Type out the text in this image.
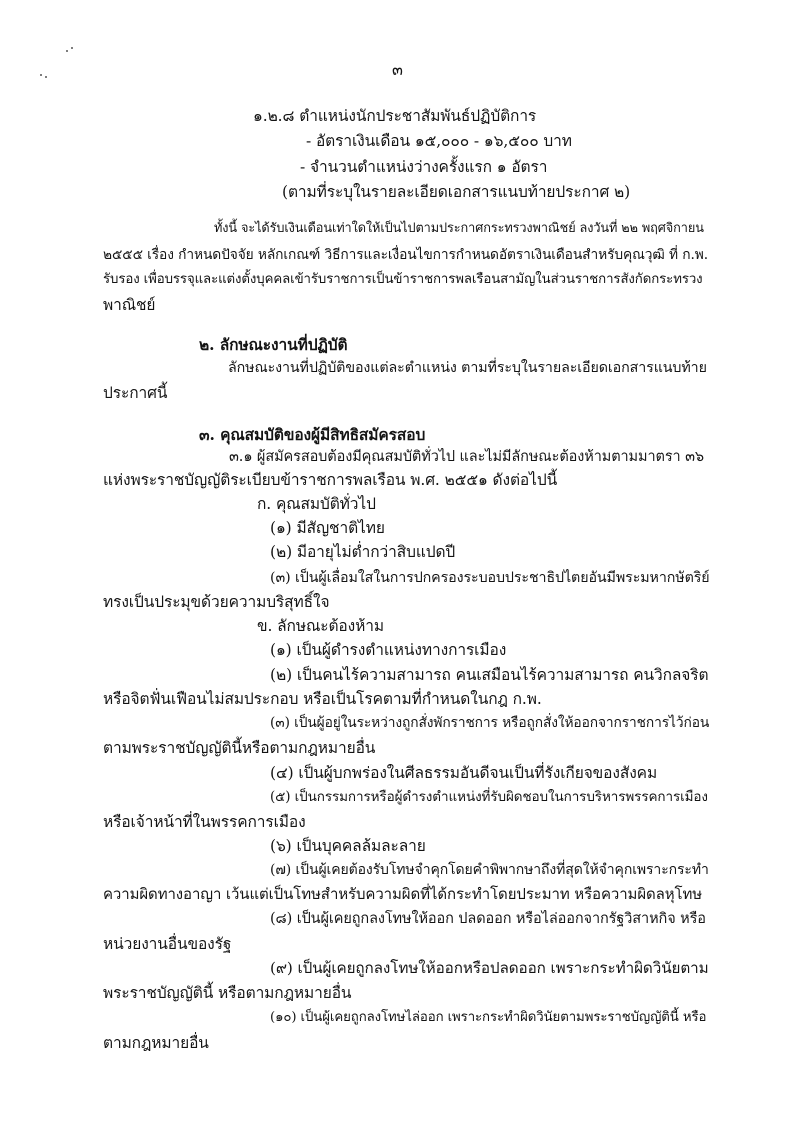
๓
๑.๒.๘ ตำแหน่งนักประชาสัมพันธ์ปฏิบัติการ
- อัตราเงินเดือน ๑๕,๐๐๐ - ๑๖,๕๐๐ บาท
- จำนวนตำแหน่งว่างครั้งแรก ๑ อัตรา
(ตามที่ระบุในรายละเอียดเอกสารแนบท้ายประกาศ ๒)
ทั้งนี้ จะได้รับเงินเดือนเท่าใดให้เป็นไปตามประกาศกระทรวงพาณิชย์ ลงวันที่ ๒๒ พฤศจิกายน
๒๕๕๕ เรื่อง กำหนดปัจจัย หลักเกณฑ์ วิธีการและเงื่อนไขการกำหนดอัตราเงินเดือนสำหรับคุณวุฒิ ที่ ก.พ.
รับรอง เพื่อบรรจุและแต่งตั้งบุคคลเข้ารับราชการเป็นข้าราชการพลเรือนสามัญในส่วนราชการสังกัดกระทรวง
พาณิชย์
๒. ลักษณะงานที่ปฏิบัติ
ลักษณะงานที่ปฏิบัติของแต่ละตำแหน่ง ตามที่ระบุในรายละเอียดเอกสารแนบท้าย
ประกาศนี้
๓. คุณสมบัติของผู้มีสิทธิสมัครสอบ
๓.๑ ผู้สมัครสอบต้องมีคุณสมบัติทั่วไป และไม่มีลักษณะต้องห้ามตามมาตรา ๓๖
แห่งพระราชบัญญัติระเบียบข้าราชการพลเรือน พ.ศ. ๒๕๕๑ ดังต่อไปนี้
ก. คุณสมบัติทั่วไป
(๑) มีสัญชาติไทย
(๒) มีอายุไม่ต่ำกว่าสิบแปดปี
(๓) เป็นผู้เลื่อมใสในการปกครองระบอบประชาธิปไตยอันมีพระมหากษัตริย์
ทรงเป็นประมุขด้วยความบริสุทธิ์ใจ
ข. ลักษณะต้องห้าม
(๑) เป็นผู้ดำรงตำแหน่งทางการเมือง
(๒) เป็นคนไร้ความสามารถ คนเสมือนไร้ความสามารถ คนวิกลจริต
หรือจิตฟั่นเฟือนไม่สมประกอบ หรือเป็นโรคตามที่กำหนดในกฎ ก.พ.
(๓) เป็นผู้อยู่ในระหว่างถูกสั่งพักราชการ หรือถูกสั่งให้ออกจากราชการไว้ก่อน
ตามพระราชบัญญัตินี้หรือตามกฎหมายอื่น
(๔) เป็นผู้บกพร่องในศีลธรรมอันดีจนเป็นที่รังเกียจของสังคม
(๕) เป็นกรรมการหรือผู้ดำรงตำแหน่งที่รับผิดชอบในการบริหารพรรคการเมือง
หรือเจ้าหน้าที่ในพรรคการเมือง
(๖) เป็นบุคคลล้มละลาย
(๗) เป็นผู้เคยต้องรับโทษจำคุกโดยคำพิพากษาถึงที่สุดให้จำคุกเพราะกระทำ
ความผิดทางอาญา เว้นแต่เป็นโทษสำหรับความผิดที่ได้กระทำโดยประมาท หรือความผิดลหุโทษ
(๘) เป็นผู้เคยถูกลงโทษให้ออก ปลดออก หรือไล่ออกจากรัฐวิสาหกิจ หรือ
หน่วยงานอื่นของรัฐ
(๙) เป็นผู้เคยถูกลงโทษให้ออกหรือปลดออก เพราะกระทำผิดวินัยตาม
พระราชบัญญัตินี้ หรือตามกฎหมายอื่น
(๑๐) เป็นผู้เคยถูกลงโทษไล่ออก เพราะกระทำผิดวินัยตามพระราชบัญญัตินี้ หรือ
ตามกฎหมายอื่น
